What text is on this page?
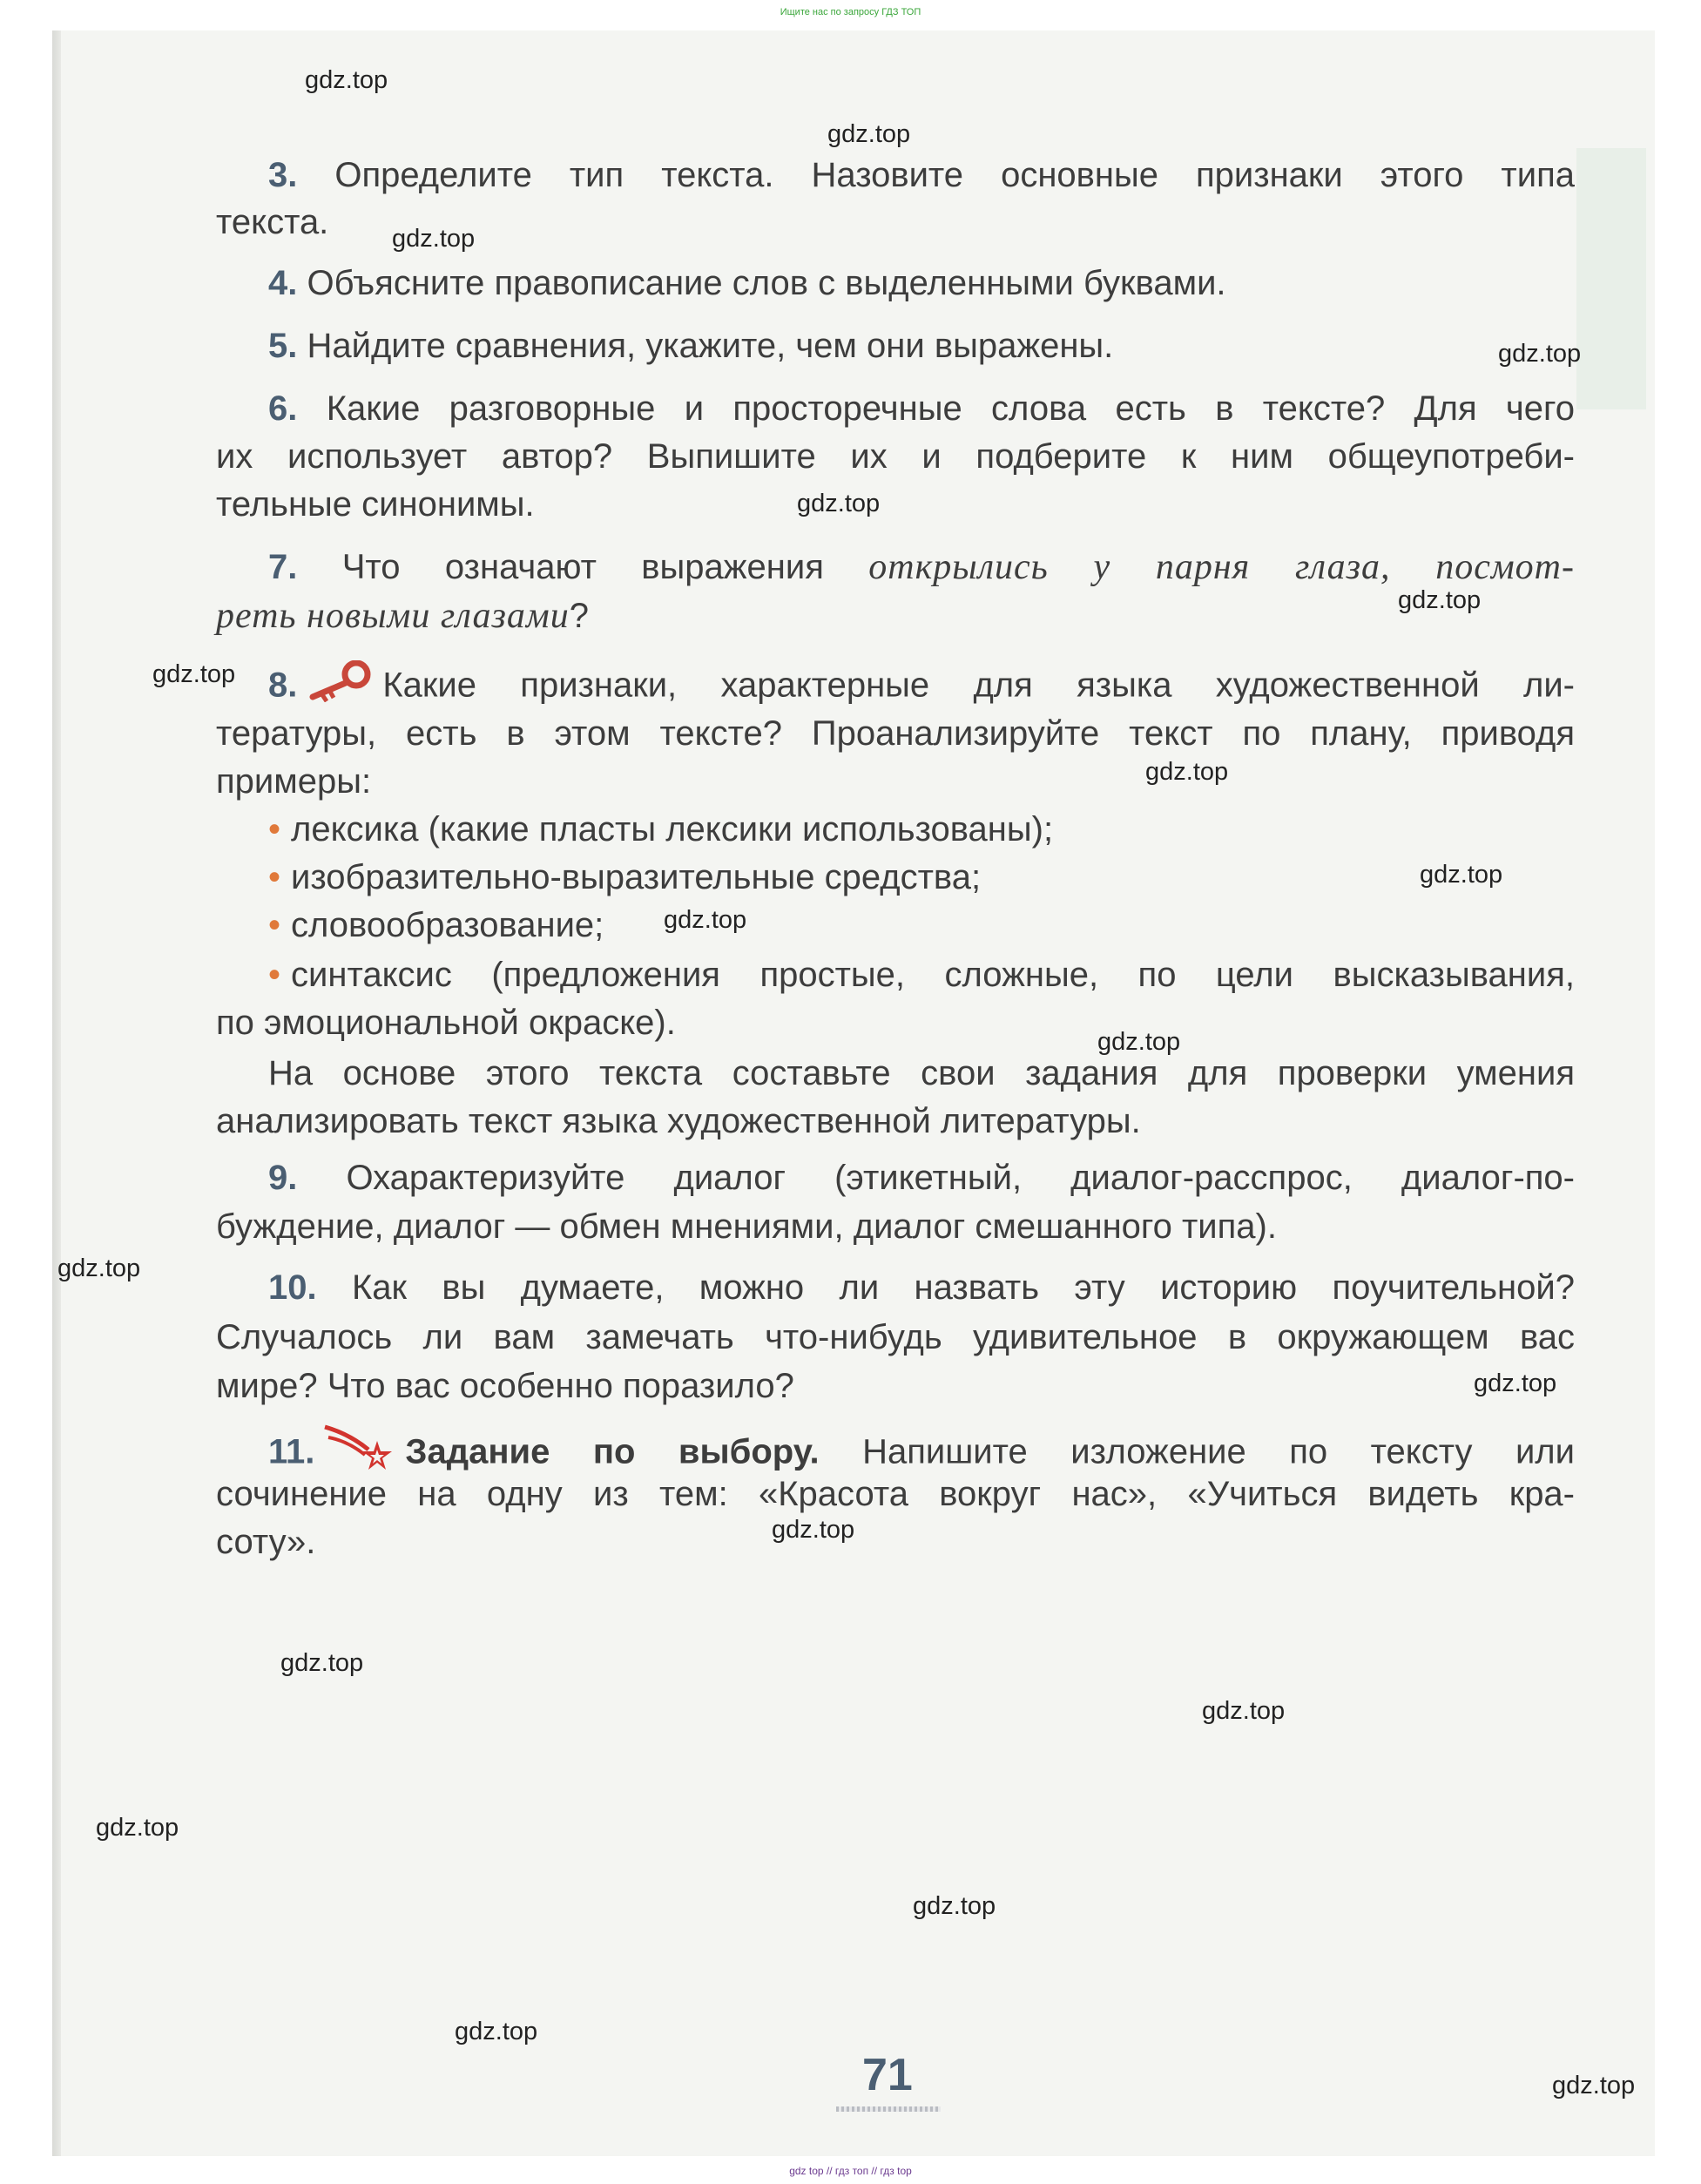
Ищите нас по запросу ГДЗ ТОП
3. Определите тип текста. Назовите основные признаки этого типа
текста.
4. Объясните правописание слов с выделенными буквами.
5. Найдите сравнения, укажите, чем они выражены.
6. Какие разговорные и просторечные слова есть в тексте? Для чего
их использует автор? Выпишите их и подберите к ним общеупотреби-
тельные синонимы.
7. Что означают выражения открылись у парня глаза, посмот-
реть новыми глазами?
8. Какие признаки, характерные для языка художественной ли-
тературы, есть в этом тексте? Проанализируйте текст по плану, приводя
примеры:
• лексика (какие пласты лексики использованы);
• изобразительно-выразительные средства;
• словообразование;
• синтаксис (предложения простые, сложные, по цели высказывания,
по эмоциональной окраске).
На основе этого текста составьте свои задания для проверки умения
анализировать текст языка художественной литературы.
9. Охарактеризуйте диалог (этикетный, диалог-расспрос, диалог-по-
буждение, диалог — обмен мнениями, диалог смешанного типа).
10. Как вы думаете, можно ли назвать эту историю поучительной?
Случалось ли вам замечать что-нибудь удивительное в окружающем вас
мире? Что вас особенно поразило?
11.	Задание по выбору. Напишите изложение по тексту или
сочинение на одну из тем: «Красота вокруг нас», «Учиться видеть кра-
соту».
gdz.top
gdz.top
gdz.top
gdz.top
gdz.top
gdz.top
gdz.top
gdz.top
gdz.top
gdz.top
gdz.top
gdz.top
gdz.top
gdz.top
gdz.top
gdz.top
gdz.top
gdz.top
gdz.top
gdz.top
71
gdz top // гдз топ // гдз top
